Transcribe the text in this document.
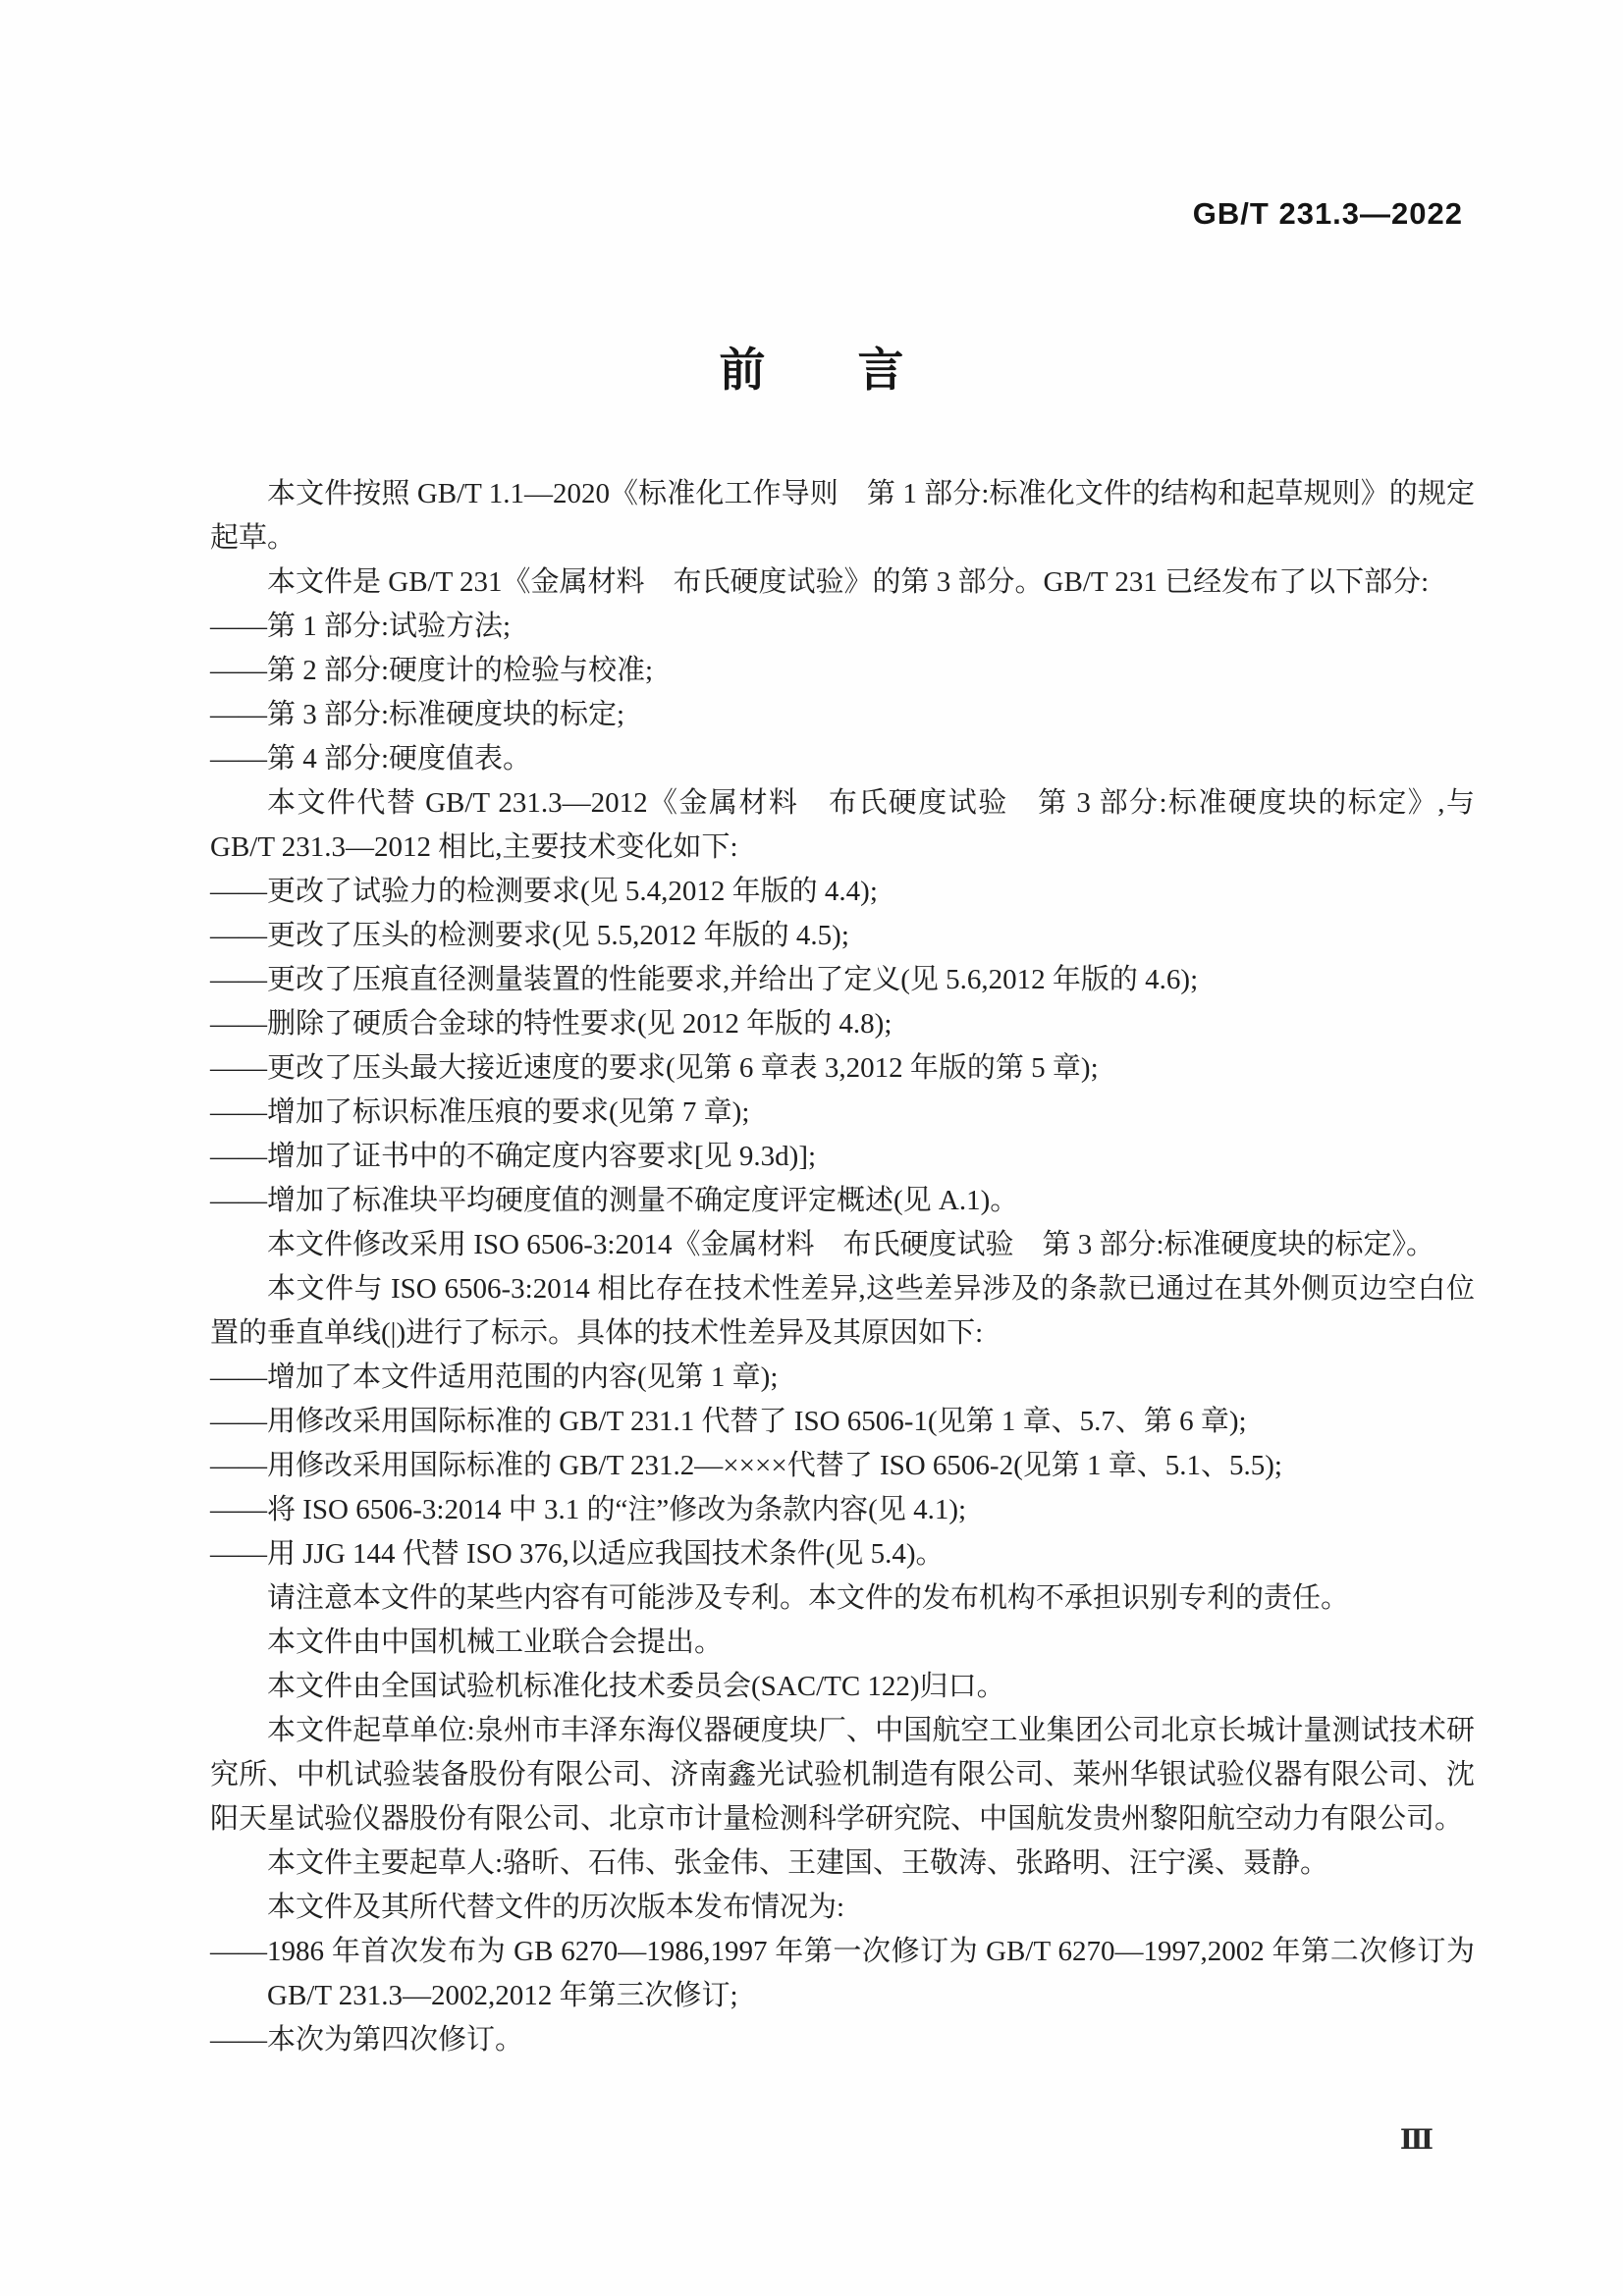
GB/T 231.3—2022
前　　言

本文件按照 GB/T 1.1—2020《标准化工作导则　第 1 部分:标准化文件的结构和起草规则》的规定起草。

本文件是 GB/T 231《金属材料　布氏硬度试验》的第 3 部分。GB/T 231 已经发布了以下部分:

——第 1 部分:试验方法;

——第 2 部分:硬度计的检验与校准;

——第 3 部分:标准硬度块的标定;

——第 4 部分:硬度值表。

本文件代替 GB/T 231.3—2012《金属材料　布氏硬度试验　第 3 部分:标准硬度块的标定》,与 GB/T 231.3—2012 相比,主要技术变化如下:

——更改了试验力的检测要求(见 5.4,2012 年版的 4.4);

——更改了压头的检测要求(见 5.5,2012 年版的 4.5);

——更改了压痕直径测量装置的性能要求,并给出了定义(见 5.6,2012 年版的 4.6);

——删除了硬质合金球的特性要求(见 2012 年版的 4.8);

——更改了压头最大接近速度的要求(见第 6 章表 3,2012 年版的第 5 章);

——增加了标识标准压痕的要求(见第 7 章);

——增加了证书中的不确定度内容要求[见 9.3d)];

——增加了标准块平均硬度值的测量不确定度评定概述(见 A.1)。

本文件修改采用 ISO 6506-3:2014《金属材料　布氏硬度试验　第 3 部分:标准硬度块的标定》。

本文件与 ISO 6506-3:2014 相比存在技术性差异,这些差异涉及的条款已通过在其外侧页边空白位置的垂直单线(|)进行了标示。具体的技术性差异及其原因如下:

——增加了本文件适用范围的内容(见第 1 章);

——用修改采用国际标准的 GB/T 231.1 代替了 ISO 6506-1(见第 1 章、5.7、第 6 章);

——用修改采用国际标准的 GB/T 231.2—××××代替了 ISO 6506-2(见第 1 章、5.1、5.5);

——将 ISO 6506-3:2014 中 3.1 的“注”修改为条款内容(见 4.1);

——用 JJG 144 代替 ISO 376,以适应我国技术条件(见 5.4)。

请注意本文件的某些内容有可能涉及专利。本文件的发布机构不承担识别专利的责任。

本文件由中国机械工业联合会提出。

本文件由全国试验机标准化技术委员会(SAC/TC 122)归口。

本文件起草单位:泉州市丰泽东海仪器硬度块厂、中国航空工业集团公司北京长城计量测试技术研究所、中机试验装备股份有限公司、济南鑫光试验机制造有限公司、莱州华银试验仪器有限公司、沈阳天星试验仪器股份有限公司、北京市计量检测科学研究院、中国航发贵州黎阳航空动力有限公司。

本文件主要起草人:骆昕、石伟、张金伟、王建国、王敬涛、张路明、汪宁溪、聂静。

本文件及其所代替文件的历次版本发布情况为:

——1986 年首次发布为 GB 6270—1986,1997 年第一次修订为 GB/T 6270—1997,2002 年第二次修订为 GB/T 231.3—2002,2012 年第三次修订;

——本次为第四次修订。

Ⅲ
